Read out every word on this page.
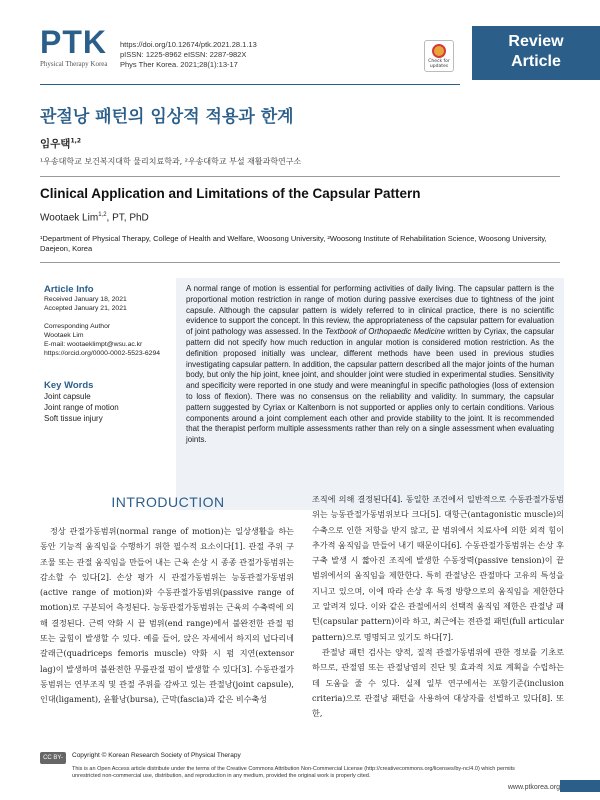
PTK
Physical Therapy Korea
https://doi.org/10.12674/ptk.2021.28.1.13
pISSN: 1225-8962 eISSN: 2287-982X
Phys Ther Korea. 2021;28(1):13-17	Check for updates
Review
Article
관절낭 패턴의 임상적 적용과 한계
임우택$^{1,2}$
¹우송대학교 보건복지대학 물리치료학과, ²우송대학교 부설 재활과학연구소
Clinical Application and Limitations of the Capsular Pattern
Wootaek Lim$^{1,2}$, PT, PhD
¹Department of Physical Therapy, College of Health and Welfare, Woosong University, ²Woosong Institute of Rehabilitation Science, Woosong University, Daejeon, Korea
Article Info
Received January 18, 2021
Accepted January 21, 2021
Corresponding Author
Wootaek Lim
E-mail: wootaeklimpt@wsu.ac.kr
https://orcid.org/0000-0002-5523-6294
Key Words
Joint capsule
Joint range of motion
Soft tissue injury
A normal range of motion is essential for performing activities of daily living. The capsular pattern is the proportional motion restriction in range of motion during passive exercises due to tightness of the joint capsule. Although the capsular pattern is widely referred to in clinical practice, there is no scientific evidence to support the concept. In this review, the appropriateness of the capsular pattern for evaluation of joint pathology was assessed. In the Textbook of Orthopaedic Medicine written by Cyriax, the capsular pattern did not specify how much reduction in angular motion is considered motion restriction. As the definition proposed initially was unclear, different methods have been used in previous studies investigating capsular pattern. In addition, the capsular pattern described all the major joints of the human body, but only the hip joint, knee joint, and shoulder joint were studied in experimental studies. Sensitivity and specificity were reported in one study and were meaningful in specific pathologies (loss of extension to loss of flexion). There was no consensus on the reliability and validity. In summary, the capsular pattern suggested by Cyriax or Kaltenborn is not supported or applies only to certain conditions. Various components around a joint complement each other and provide stability to the joint. It is recommended that the therapist perform multiple assessments rather than rely on a single assessment when evaluating joints.
INTRODUCTION

정상 관절가동범위(normal range of motion)는 일상생활을 하는 동안 기능적 움직임을 수행하기 위한 필수적 요소이다[1]. 관절 주위 구조물 또는 관절 움직임을 만들어 내는 근육 손상 시 종종 관절가동범위는 감소할 수 있다[2]. 손상 평가 시 관절가동범위는 능동관절가동범위(active range of motion)와 수동관절가동범위(passive range of motion)로 구분되어 측정된다. 능동관절가동범위는 근육의 수축력에 의해 결정된다. 근력 약화 시 끝 범위(end range)에서 불완전한 관절 펌 또는 굽힘이 발생할 수 있다. 예를 들어, 앉은 자세에서 하지의 넙다리네갈래근(quadriceps femoris muscle) 약화 시 펌 지연(extensor lag)이 발생하며 불완전한 무릎관절 펌이 발생할 수 있다[3]. 수동관절가동범위는 연부조직 및 관절 주위를 감싸고 있는 관절낭(joint capsule), 인대(ligament), 윤활낭(bursa), 근막(fascia)과 같은 비수축성

조직에 의해 결정된다[4]. 동일한 조건에서 일반적으로 수동관절가동범위는 능동관절가동범위보다 크다[5]. 대항근(antagonistic muscle)의 수축으로 인한 저항을 받지 않고, 끝 범위에서 치료사에 의한 외적 힘이 추가적 움직임을 만들어 내기 때문이다[6]. 수동관절가동범위는 손상 후 구축 발생 시 짧아진 조직에 발생한 수동장력(passive tension)이 끝 범위에서의 움직임을 제한한다. 특히 관절낭은 관절마다 고유의 특성을 지니고 있으며, 이에 따라 손상 후 특정 방향으로의 움직임을 제한한다고 알려져 있다. 이와 같은 관절에서의 선택적 움직임 제한은 관절낭 패턴(capsular pattern)이라 하고, 최근에는 전관절 패턴(full articular pattern)으로 명명되고 있기도 하다[7].

관절낭 패턴 검사는 양적, 질적 관절가동범위에 관한 정보를 기초로 하므로, 관절염 또는 관절낭염의 진단 및 효과적 치료 계획을 수립하는 데 도움을 줄 수 있다. 실제 일부 연구에서는 포함기준(inclusion criteria)으로 관절낭 패턴을 사용하여 대상자를 선별하고 있다[8]. 또한,

CC BY-NC
Copyright © Korean Research Society of Physical Therapy
This is an Open Access article distribute under the terms of the Creative Commons Attribution Non-Commercial License (http://creativecommons.org/licenses/by-nc/4.0) which permits unrestricted non-commercial use, distribution, and reproduction in any medium, provided the original work is properly cited.
www.ptkorea.org
